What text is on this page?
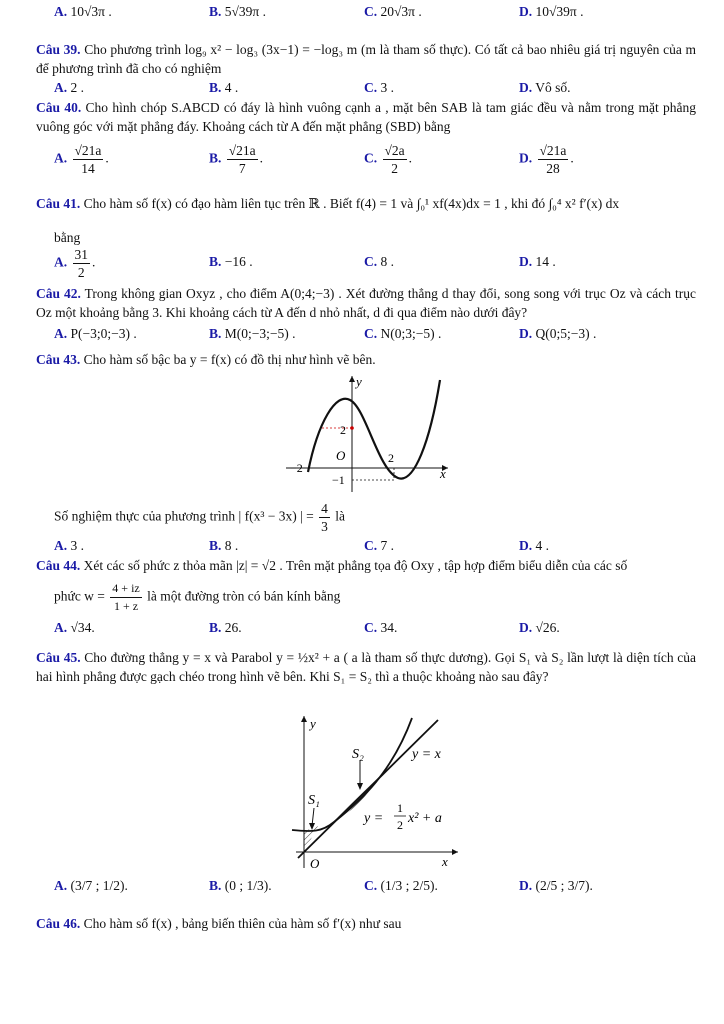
A. 10√3π .	B. 5√39π .	C. 20√3π .	D. 10√39π .
Câu 39. Cho phương trình log₉ x² − log₃ (3x−1) = −log₃ m (m là tham số thực). Có tất cả bao nhiêu giá trị nguyên của m để phương trình đã cho có nghiệm
A. 2 .	B. 4 .	C. 3 .	D. Vô số.
Câu 40. Cho hình chóp S.ABCD có đáy là hình vuông cạnh a , mặt bên SAB là tam giác đều và nằm trong mặt phẳng vuông góc với mặt phẳng đáy. Khoảng cách từ A đến mặt phẳng (SBD) bằng
A. $\frac{√21a}{14}$ .	B. $\frac{√21a}{7}$ .	C. $\frac{√2a}{2}$ .	D. $\frac{√21a}{28}$ .
Câu 41. Cho hàm số f(x) có đạo hàm liên tục trên ℝ . Biết f(4) = 1 và ∫₀¹ xf(4x)dx = 1 , khi đó ∫₀⁴ x² f′(x) dx
bằng
A. $\frac{31}{2}$ .	B. −16 .	C. 8 .	D. 14 .
Câu 42. Trong không gian Oxyz , cho điểm A(0;4;−3) . Xét đường thẳng d thay đổi, song song với trục Oz và cách trục Oz một khoảng bằng 3. Khi khoảng cách từ A đến d nhỏ nhất, d đi qua điểm nào dưới đây?
A. P(−3;0;−3) .	B. M(0;−3;−5) .	C. N(0;3;−5) .	D. Q(0;5;−3) .
Câu 43. Cho hàm số bậc ba y = f(x) có đồ thị như hình vẽ bên.
y
x
O
2
2
−2
−1
Số nghiệm thực của phương trình | f(x³ − 3x) | = $\frac{4}{3}$ là
A. 3 .	B. 8 .	C. 7 .	D. 4 .
Câu 44. Xét các số phức z thỏa mãn |z| = √2 . Trên mặt phẳng tọa độ Oxy , tập hợp điểm biểu diễn của các số
phức $w = \frac{4 + iz}{1 + z}$ là một đường tròn có bán kính bằng
A. √34.	B. 26.	C. 34.	D. √26.
Câu 45. Cho đường thẳng y = x và Parabol y = ½x² + a ( a là tham số thực dương). Gọi S₁ và S₂ lần lượt là diện tích của hai hình phẳng được gạch chéo trong hình vẽ bên. Khi S₁ = S₂ thì a thuộc khoảng nào sau đây?
y
x
O
S₁
S₂	y = x
y =
1
2 x² + a
A. (3/7 ; 1/2).	B. (0 ; 1/3).	C. (1/3 ; 2/5).	D. (2/5 ; 3/7).
Câu 46. Cho hàm số f(x) , bảng biến thiên của hàm số f′(x) như sau
